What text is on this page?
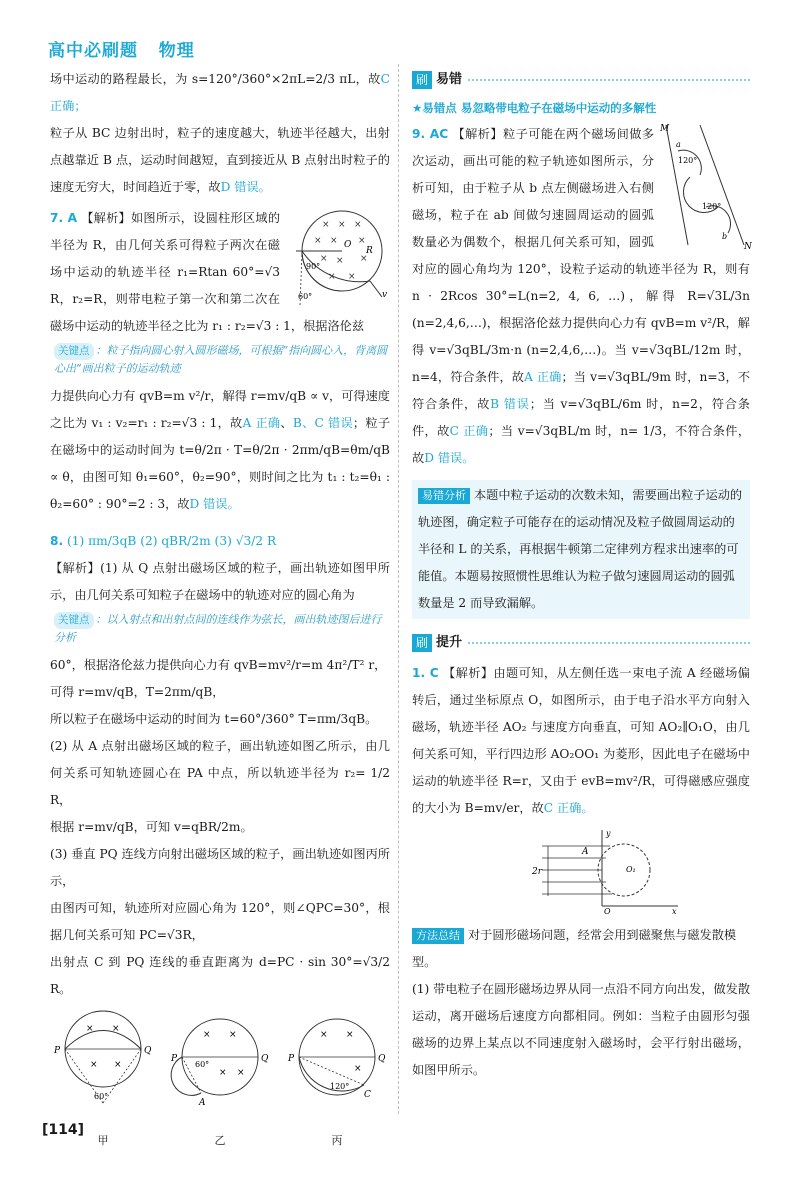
高中必刷题   物理

场中运动的路程最长，为 s=120°/360°×2πL=2/3 πL，故C 正确；

粒子从 BC 边射出时，粒子的速度越大，轨迹半径越大，出射点越靠近 B 点，运动时间越短，直到接近从 B 点射出时粒子的速度无穷大，时间趋近于零，故D 错误。

× × ×
× × ×
× × ×
× ×
O
R
90°
60°	v

7. A 【解析】如图所示，设圆柱形区域的半径为 R，由几何关系可得粒子两次在磁场中运动的轨迹半径 r₁=Rtan 60°=√3 R，r₂=R，则带电粒子第一次和第二次在磁场中运动的轨迹半径之比为 r₁ : r₂=√3 : 1，根据洛伦兹

关键点 ：粒子指向圆心射入圆形磁场，可根据“指向圆心入，背离圆心出”画出粒子的运动轨迹

力提供向心力有 qvB=m v²/r，解得 r=mv/qB ∝ v，可得速度之比为 v₁ : v₂=r₁ : r₂=√3 : 1，故A 正确、B、C 错误；粒子在磁场中的运动时间为 t=θ/2π · T=θ/2π · 2πm/qB=θm/qB ∝ θ，由图可知 θ₁=60°，θ₂=90°，则时间之比为 t₁ : t₂=θ₁ : θ₂=60° : 90°=2 : 3，故D 错误。

8. (1) πm/3qB (2) qBR/2m (3) √3/2 R

【解析】(1) 从 Q 点射出磁场区域的粒子，画出轨迹如图甲所示，由几何关系可知粒子在磁场中的轨迹对应的圆心角为

关键点 ：以入射点和出射点间的连线作为弦长，画出轨迹图后进行分析

60°，根据洛伦兹力提供向心力有 qvB=mv²/r=m 4π²/T² r，

可得 r=mv/qB，T=2πm/qB，

所以粒子在磁场中运动的时间为 t=60°/360° T=πm/3qB。

(2) 从 A 点射出磁场区域的粒子，画出轨迹如图乙所示，由几何关系可知轨迹圆心在 PA 中点，所以轨迹半径为 r₂= 1/2 R，

根据 r=mv/qB，可知 v=qBR/2m。

(3) 垂直 PQ 连线方向射出磁场区域的粒子，画出轨迹如图丙所示，

由图丙可知，轨迹所对应圆心角为 120°，则∠QPC=30°，根据几何关系可知 PC=√3R，

出射点 C 到 PQ 连线的垂直距离为 d=PC · sin 30°=√3/2 R。

× ×
× ×
P	Q
60°
甲
× ×
× ×
P	Q
60°
A
乙
× ×
×
P	Q
120°
C
丙
刷 易错
★易错点 易忽略带电粒子在磁场中运动的多解性
M
N
a
120°
120°
b

9. AC 【解析】粒子可能在两个磁场间做多次运动，画出可能的粒子轨迹如图所示，分析可知，由于粒子从 b 点左侧磁场进入右侧磁场，粒子在 ab 间做匀速圆周运动的圆弧数量必为偶数个，根据几何关系可知，圆弧对应的圆心角均为 120°，设粒子运动的轨迹半径为 R，则有 n · 2Rcos 30°=L(n=2, 4, 6, …)，解得 R=√3L/3n (n=2,4,6,…)，根据洛伦兹力提供向心力有 qvB=m v²/R，解得 v=√3qBL/3m·n (n=2,4,6,…)。当 v=√3qBL/12m 时，n=4，符合条件，故A 正确；当 v=√3qBL/9m 时，n=3，不符合条件，故B 错误；当 v=√3qBL/6m 时，n=2，符合条件，故C 正确；当 v=√3qBL/m 时，n= 1/3，不符合条件，故D 错误。

易错分析 本题中粒子运动的次数未知，需要画出粒子运动的轨迹图，确定粒子可能存在的运动情况及粒子做圆周运动的半径和 L 的关系，再根据牛顿第二定律列方程求出速率的可能值。本题易按照惯性思维认为粒子做匀速圆周运动的圆弧数量是 2 而导致漏解。
刷 提升

1. C 【解析】由题可知，从左侧任选一束电子流 A 经磁场偏转后，通过坐标原点 O，如图所示，由于电子沿水平方向射入磁场，轨迹半径 AO₂ 与速度方向垂直，可知 AO₂∥O₁O，由几何关系可知，平行四边形 AO₂OO₁ 为菱形，因此电子在磁场中运动的轨迹半径 R=r，又由于 evB=mv²/R，可得磁感应强度的大小为 B=mv/er，故C 正确。

2r
A
O₁
O	x
y
方法总结 对于圆形磁场问题，经常会用到磁聚焦与磁发散模型。

(1) 带电粒子在圆形磁场边界从同一点沿不同方向出发，做发散运动，离开磁场后速度方向都相同。例如：当粒子由圆形匀强磁场的边界上某点以不同速度射入磁场时，会平行射出磁场，如图甲所示。

[114]
